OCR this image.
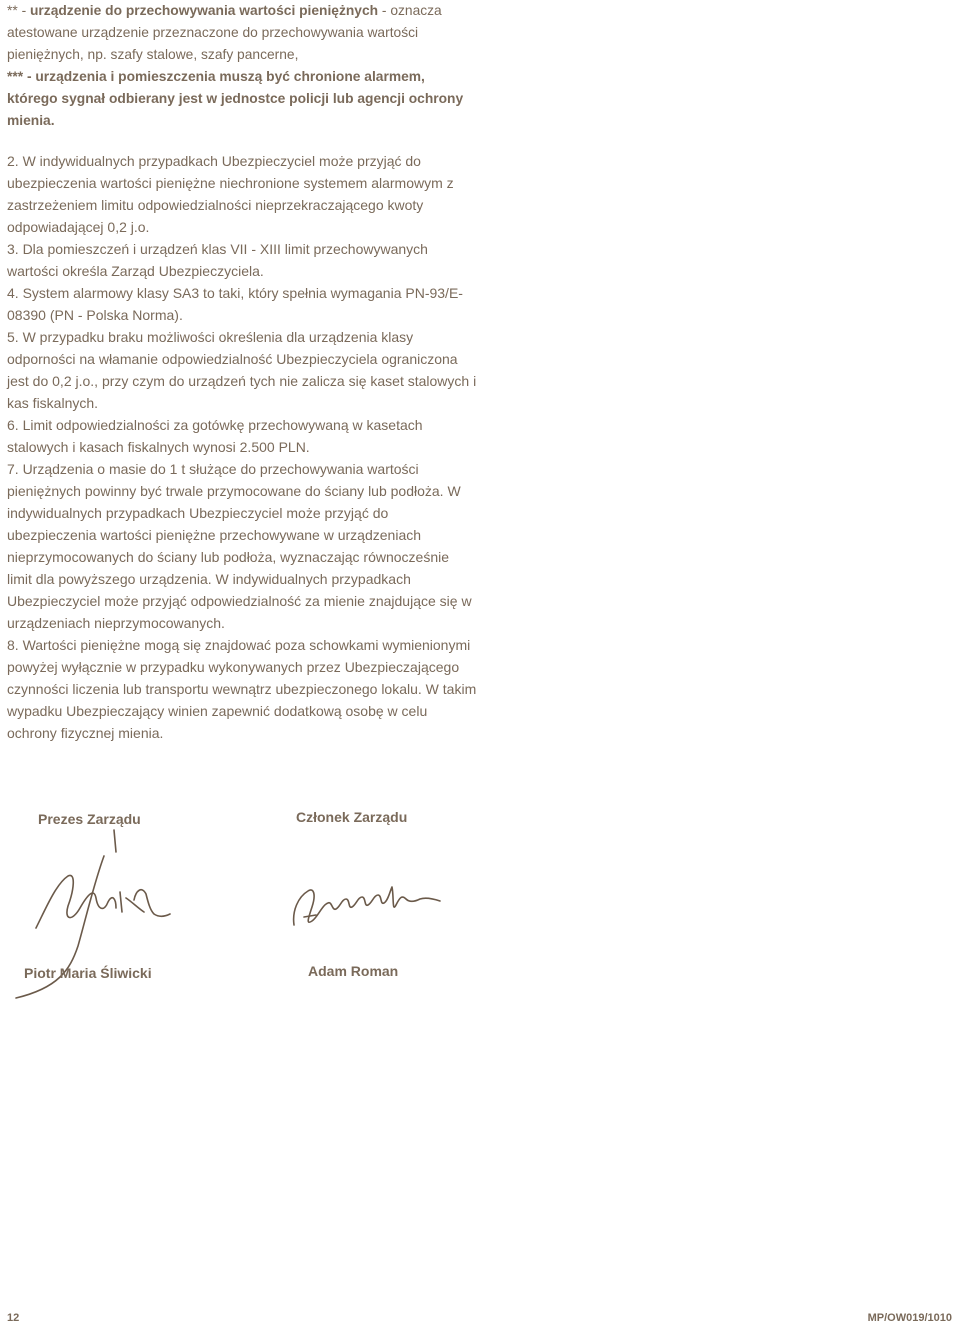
** - urządzenie do przechowywania wartości pieniężnych - oznacza atestowane urządzenie przeznaczone do przechowywania wartości pieniężnych, np. szafy stalowe, szafy pancerne,

*** - urządzenia i pomieszczenia muszą być chronione alarmem, którego sygnał odbierany jest w jednostce policji lub agencji ochrony mienia.

2. W indywidualnych przypadkach Ubezpieczyciel może przyjąć do ubezpieczenia wartości pieniężne niechronione systemem alarmowym z zastrzeżeniem limitu odpowiedzialności nieprzekraczającego kwoty odpowiadającej 0,2 j.o.

3. Dla pomieszczeń i urządzeń klas VII - XIII limit przechowywanych wartości określa Zarząd Ubezpieczyciela.

4. System alarmowy klasy SA3 to taki, który spełnia wymagania PN-93/E-08390 (PN - Polska Norma).

5. W przypadku braku możliwości określenia dla urządzenia klasy odporności na włamanie odpowiedzialność Ubezpieczyciela ograniczona jest do 0,2 j.o., przy czym do urządzeń tych nie zalicza się kaset stalowych i kas fiskalnych.

6. Limit odpowiedzialności za gotówkę przechowywaną w kasetach stalowych i kasach fiskalnych wynosi 2.500 PLN.

7. Urządzenia o masie do 1 t służące do przechowywania wartości pieniężnych powinny być trwale przymocowane do ściany lub podłoża. W indywidualnych przypadkach Ubezpieczyciel może przyjąć do ubezpieczenia wartości pieniężne przechowywane w urządzeniach nieprzymocowanych do ściany lub podłoża, wyznaczając równocześnie limit dla powyższego urządzenia. W indywidualnych przypadkach Ubezpieczyciel może przyjąć odpowiedzialność za mienie znajdujące się w urządzeniach nieprzymocowanych.

8. Wartości pieniężne mogą się znajdować poza schowkami wymienionymi powyżej wyłącznie w przypadku wykonywanych przez Ubezpieczającego czynności liczenia lub transportu wewnątrz ubezpieczonego lokalu. W takim wypadku Ubezpieczający winien zapewnić dodatkową osobę w celu ochrony fizycznej mienia.

Prezes Zarządu	Członek Zarządu
Piotr Maria Śliwicki	Adam Roman
12	MP/OW019/1010
